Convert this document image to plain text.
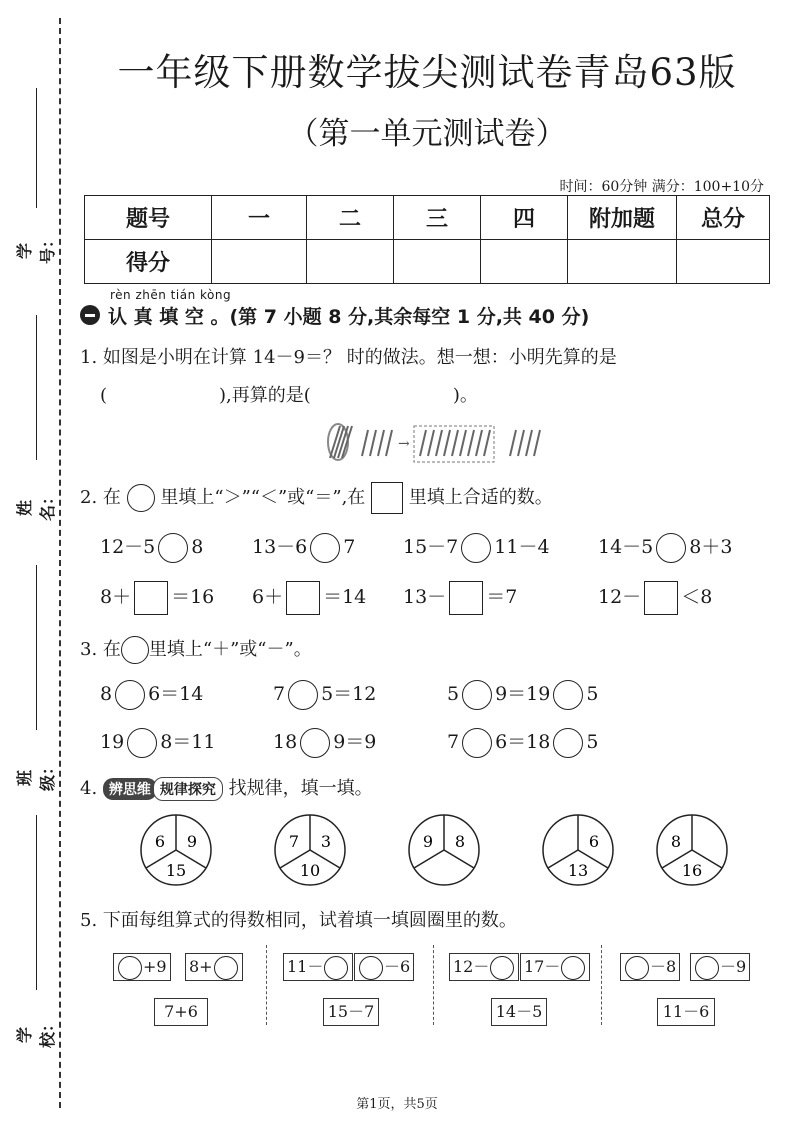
学号：
姓名：
班级：
学校：
一年级下册数学拔尖测试卷青岛63版
（第一单元测试卷）
时间：60分钟 满分：100+10分
题号	一	二	三	四	附加题	总分
得分						
rèn zhēn tián kòng
认 真 填 空 。(第 7 小题 8 分,其余每空 1 分,共 40 分)
1. 如图是小明在计算 14－9＝？ 时的做法。想一想：小明先算的是
(	),再算的是(	)。
→
2. 在 里填上“＞”“＜”或“＝”,在 里填上合适的数。
12－5 8	13－6 7	15－7 11－4	14－5 8＋3
8＋ ＝16 6＋ ＝14 13－ ＝7	12－ ＜8
3. 在 里填上“＋”或“－”。
8 6＝14	7 5＝12	5 9＝19 5
19 8＝11	18 9＝9	7 6＝18 5
4. 辨思维 规律探究 找规律，填一填。
6 9
15
7 3
10
9 8	6
13
8
16
5. 下面每组算式的得数相同，试着填一填圆圈里的数。
+9 8+
7+6
11－	－6
15－7
12－	17－
14－5
－8	－9
11－6
第1页，共5页
